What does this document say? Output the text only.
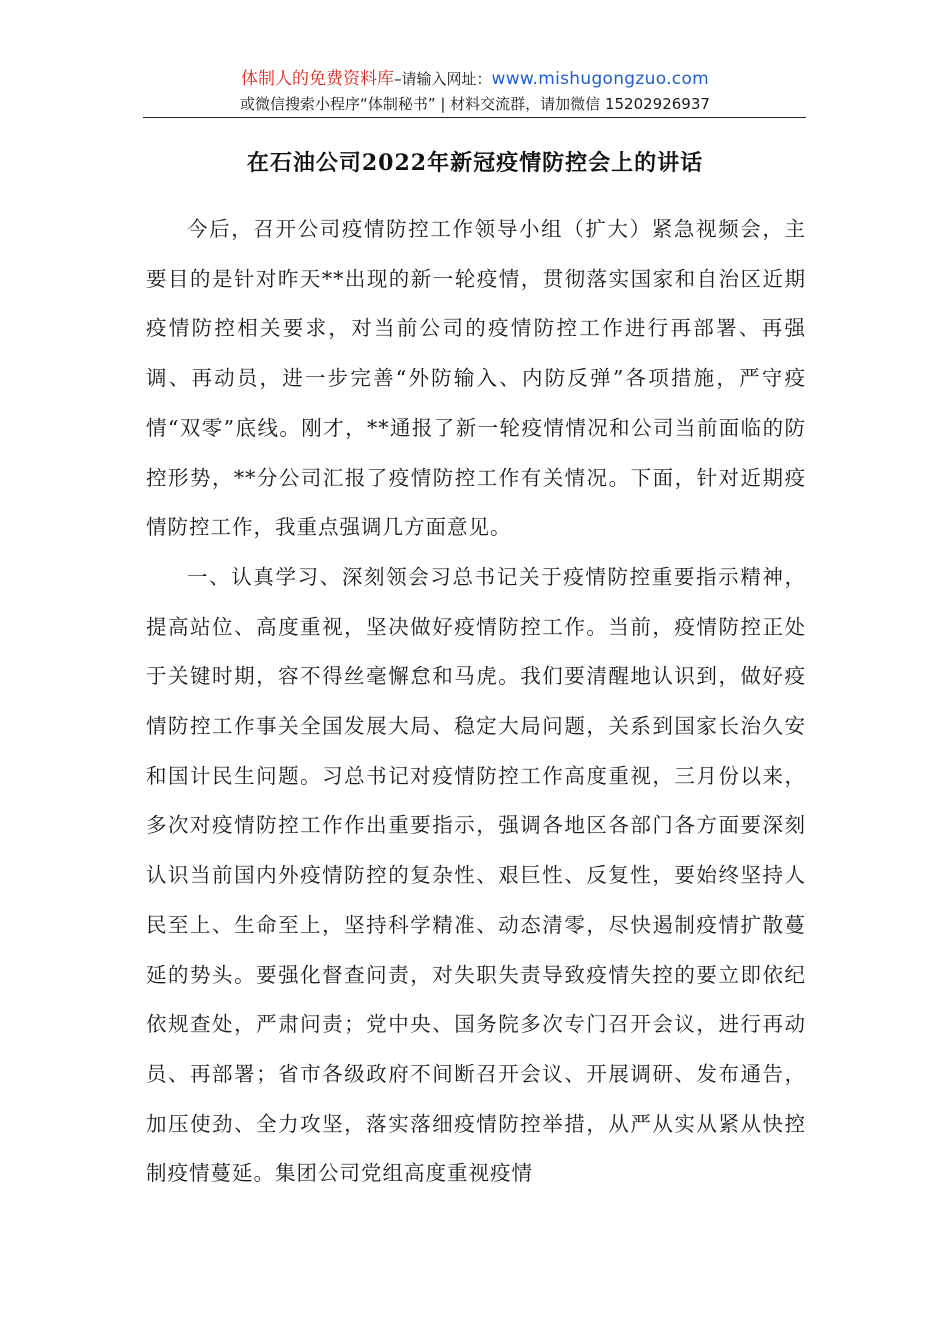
体制人的免费资料库–请输入网址：www.mishugongzuo.com
或微信搜索小程序“体制秘书” | 材料交流群，请加微信 15202926937
在石油公司2022年新冠疫情防控会上的讲话

今后，召开公司疫情防控工作领导小组（扩大）紧急视频会，主要目的是针对昨天**出现的新一轮疫情，贯彻落实国家和自治区近期疫情防控相关要求，对当前公司的疫情防控工作进行再部署、再强调、再动员，进一步完善“外防输入、内防反弹”各项措施，严守疫情“双零”底线。刚才，**通报了新一轮疫情情况和公司当前面临的防控形势，**分公司汇报了疫情防控工作有关情况。下面，针对近期疫情防控工作，我重点强调几方面意见。

一、认真学习、深刻领会习总书记关于疫情防控重要指示精神，提高站位、高度重视，坚决做好疫情防控工作。当前，疫情防控正处于关键时期，容不得丝毫懈怠和马虎。我们要清醒地认识到，做好疫情防控工作事关全国发展大局、稳定大局问题，关系到国家长治久安和国计民生问题。习总书记对疫情防控工作高度重视，三月份以来，多次对疫情防控工作作出重要指示，强调各地区各部门各方面要深刻认识当前国内外疫情防控的复杂性、艰巨性、反复性，要始终坚持人民至上、生命至上，坚持科学精准、动态清零，尽快遏制疫情扩散蔓延的势头。要强化督查问责，对失职失责导致疫情失控的要立即依纪依规查处，严肃问责；党中央、国务院多次专门召开会议，进行再动员、再部署；省市各级政府不间断召开会议、开展调研、发布通告，加压使劲、全力攻坚，落实落细疫情防控举措，从严从实从紧从快控制疫情蔓延。集团公司党组高度重视疫情
